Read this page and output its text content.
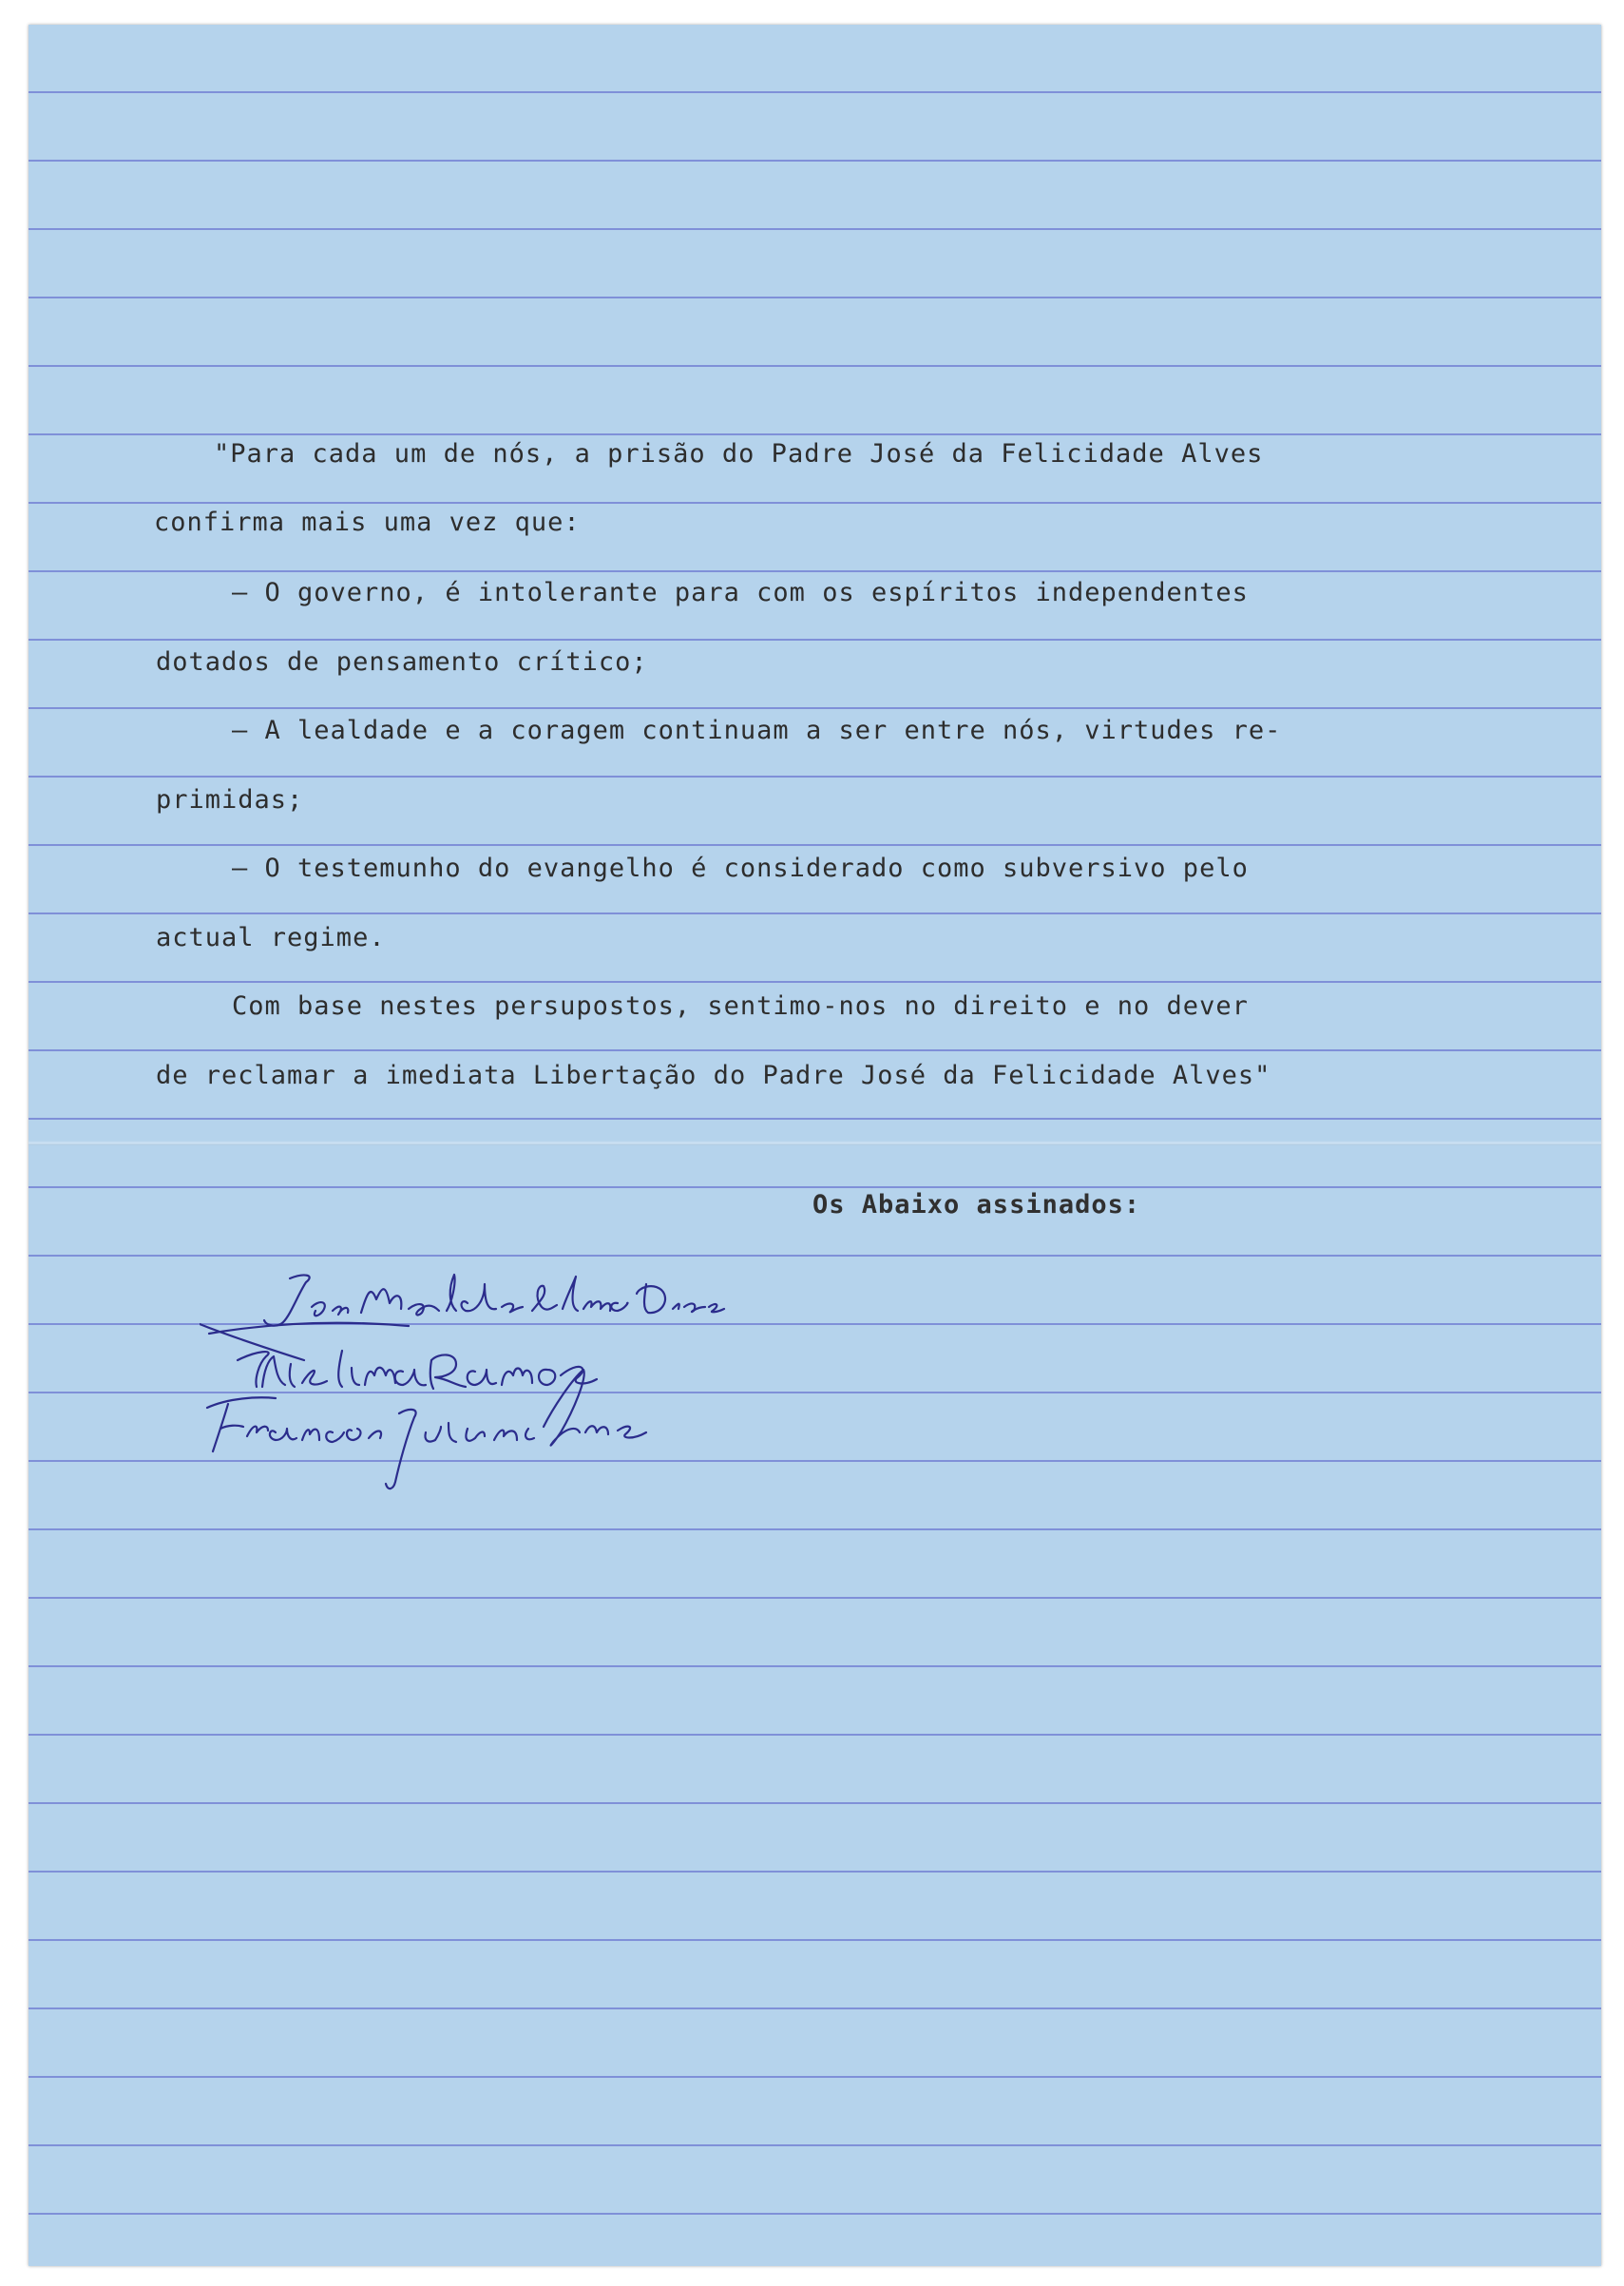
"Para cada um de nós, a prisão do Padre José da Felicidade Alves
confirma mais uma vez que:
— O governo, é intolerante para com os espíritos independentes
dotados de pensamento crítico;
— A lealdade e a coragem continuam a ser entre nós, virtudes re-
primidas;
— O testemunho do evangelho é considerado como subversivo pelo
actual regime.
Com base nestes persupostos, sentimo-nos no direito e no dever
de reclamar a imediata Libertação do Padre José da Felicidade Alves"
Os Abaixo assinados:
